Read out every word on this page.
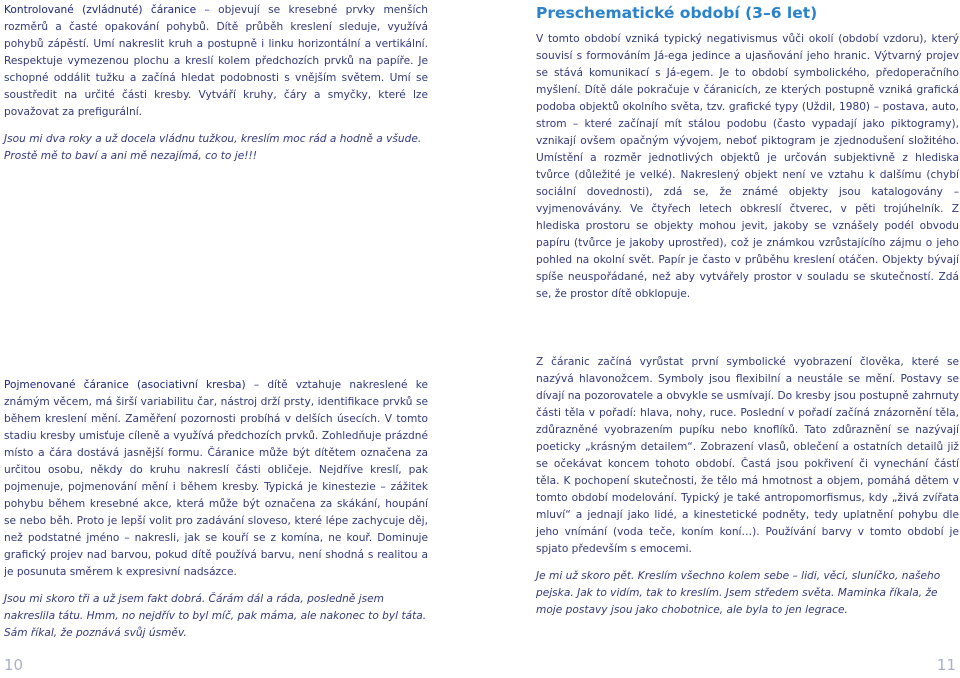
Kontrolované (zvládnuté) čáranice – objevují se kresebné prvky menších rozměrů a časté opakování pohybů. Dítě průběh kreslení sleduje, využívá pohybů zápěstí. Umí nakreslit kruh a postupně i linku horizontální a vertikální. Respektuje vymezenou plochu a kreslí kolem předchozích prvků na papíře. Je schopné oddálit tužku a začíná hledat podobnosti s vnějším světem. Umí se soustředit na určité části kresby. Vytváří kruhy, čáry a smyčky, které lze považovat za prefigurální.

Jsou mi dva roky a už docela vládnu tužkou, kreslím moc rád a hodně a všude. Prostě mě to baví a ani mě nezajímá, co to je!!!

Pojmenované čáranice (asociativní kresba) – dítě vztahuje nakreslené ke známým věcem, má širší variabilitu čar, nástroj drží prsty, identifikace prvků se během kreslení mění. Zaměření pozornosti probíhá v delších úsecích. V tomto stadiu kresby umisťuje cíleně a využívá předchozích prvků. Zohledňuje prázdné místo a čára dostává jasnější formu. Čáranice může být dítětem označena za určitou osobu, někdy do kruhu nakreslí části obličeje. Nejdříve kreslí, pak pojmenuje, pojmenování mění i během kresby. Typická je kinestezie – zážitek pohybu během kresebné akce, která může být označena za skákání, houpání se nebo běh. Proto je lepší volit pro zadávání sloveso, které lépe zachycuje děj, než podstatné jméno – nakresli, jak se kouří se z komína, ne kouř. Dominuje grafický projev nad barvou, pokud dítě používá barvu, není shodná s realitou a je posunuta směrem k expresivní nadsázce.

Jsou mi skoro tři a už jsem fakt dobrá. Čárám dál a ráda, posledně jsem nakreslila tátu. Hmm, no nejdřív to byl míč, pak máma, ale nakonec to byl táta. Sám říkal, že poznává svůj úsměv.

Preschematické období (3–6 let)

V tomto období vzniká typický negativismus vůči okolí (období vzdoru), který souvisí s formováním Já-ega jedince a ujasňování jeho hranic. Výtvarný projev se stává komunikací s Já-egem. Je to období symbolického, předoperačního myšlení. Dítě dále pokračuje v čáranicích, ze kterých postupně vzniká grafická podoba objektů okolního světa, tzv. grafické typy (Uždil, 1980) – postava, auto, strom – které začínají mít stálou podobu (často vypadají jako piktogramy), vznikají ovšem opačným vývojem, neboť piktogram je zjednodušení složitého. Umístění a rozměr jednotlivých objektů je určován subjektivně z hlediska tvůrce (důležité je velké). Nakreslený objekt není ve vztahu k dalšímu (chybí sociální dovednosti), zdá se, že známé objekty jsou katalogovány – vyjmenovávány. Ve čtyřech letech obkreslí čtverec, v pěti trojúhelník. Z hlediska prostoru se objekty mohou jevit, jakoby se vznášely podél obvodu papíru (tvůrce je jakoby uprostřed), což je známkou vzrůstajícího zájmu o jeho pohled na okolní svět. Papír je často v průběhu kreslení otáčen. Objekty bývají spíše neuspořádané, než aby vytvářely prostor v souladu se skutečností. Zdá se, že prostor dítě obklopuje.

Z čáranic začíná vyrůstat první symbolické vyobrazení člověka, které se nazývá hlavonožcem. Symboly jsou flexibilní a neustále se mění. Postavy se dívají na pozorovatele a obvykle se usmívají. Do kresby jsou postupně zahrnuty části těla v pořadí: hlava, nohy, ruce. Poslední v pořadí začíná znázornění těla, zdůrazněné vyobrazením pupíku nebo knoflíků. Tato zdůraznění se nazývají poeticky „krásným detailem“. Zobrazení vlasů, oblečení a ostatních detailů již se očekávat koncem tohoto období. Častá jsou pokřivení či vynechání částí těla. K pochopení skutečnosti, že tělo má hmotnost a objem, pomáhá dětem v tomto období modelování. Typický je také antropomorfismus, kdy „živá zvířata mluví“ a jednají jako lidé, a kinestetické podněty, tedy uplatnění pohybu dle jeho vnímání (voda teče, koním koní…). Používání barvy v tomto období je spjato především s emocemi.

Je mi už skoro pět. Kreslím všechno kolem sebe – lidi, věci, sluníčko, našeho pejska. Jak to vidím, tak to kreslím. Jsem středem světa. Maminka říkala, že moje postavy jsou jako chobotnice, ale byla to jen legrace.

10	11
